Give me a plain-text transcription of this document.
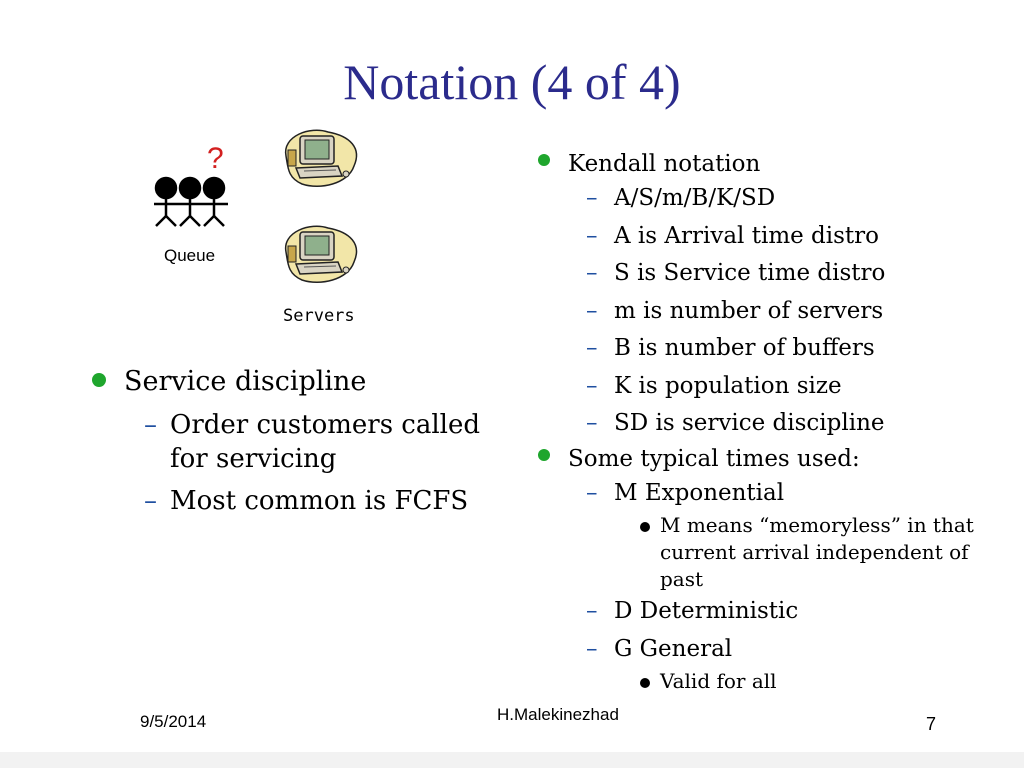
Notation (4 of 4)
?
Queue
Servers
Service discipline
– Order customers called for servicing
– Most common is FCFS
Kendall notation
– A/S/m/B/K/SD
– A is Arrival time distro
– S is Service time distro
– m is number of servers
– B is number of buffers
– K is population size
– SD is service discipline
Some typical times used:
– M Exponential
M means “memoryless” in that current arrival independent of past
– D Deterministic
– G General
Valid for all
9/5/2014	H.Malekinezhad	7
